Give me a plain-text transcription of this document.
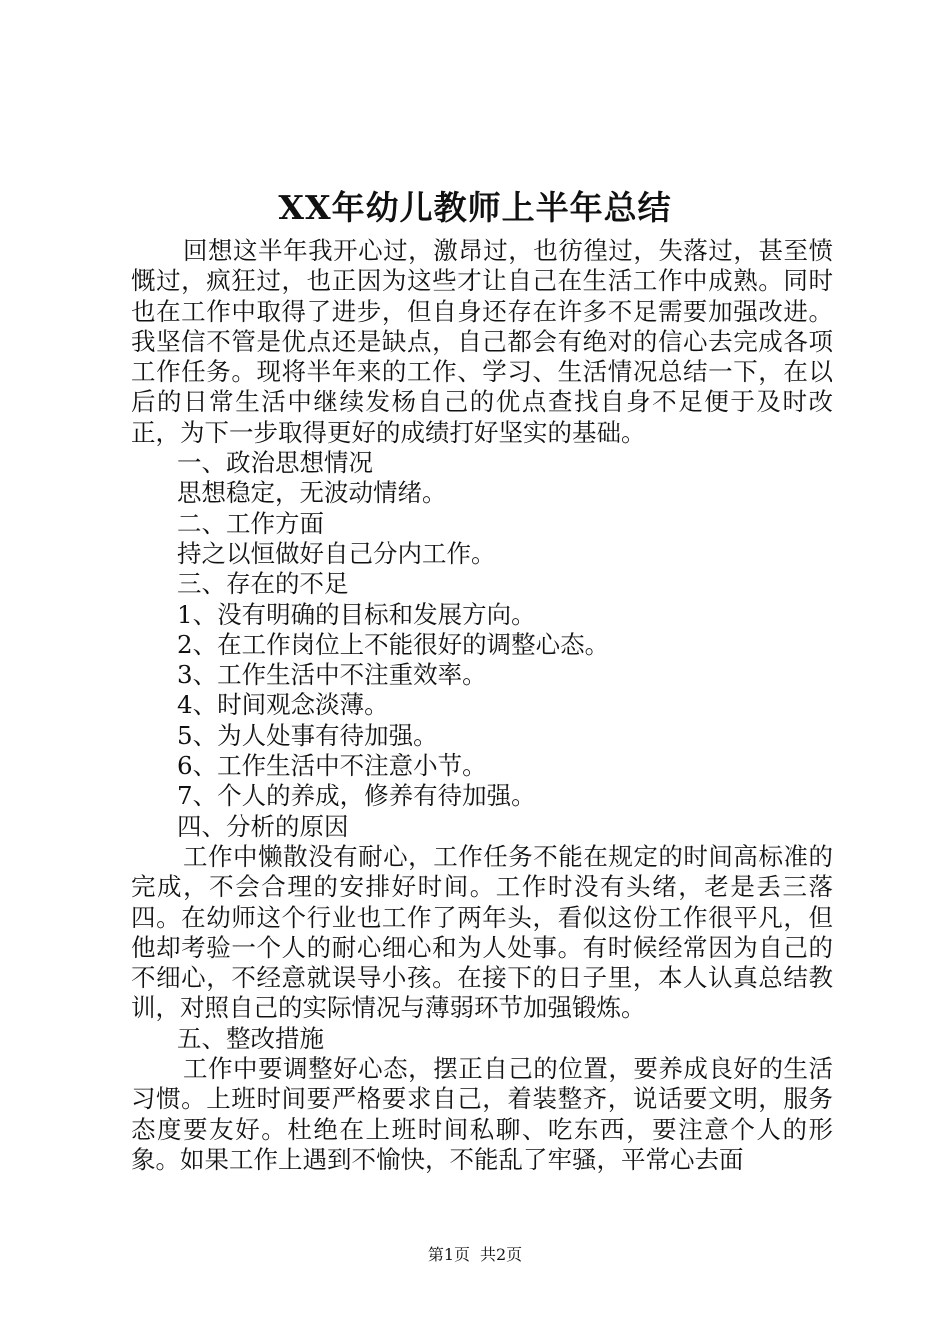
XX年幼儿教师上半年总结

回想这半年我开心过，激昂过，也彷徨过，失落过，甚至愤慨过，疯狂过，也正因为这些才让自己在生活工作中成熟。同时也在工作中取得了进步，但自身还存在许多不足需要加强改进。我坚信不管是优点还是缺点，自己都会有绝对的信心去完成各项工作任务。现将半年来的工作、学习、生活情况总结一下，在以后的日常生活中继续发杨自己的优点查找自身不足便于及时改正，为下一步取得更好的成绩打好坚实的基础。

一、政治思想情况

思想稳定，无波动情绪。

二、工作方面

持之以恒做好自己分内工作。

三、存在的不足

1、没有明确的目标和发展方向。

2、在工作岗位上不能很好的调整心态。

3、工作生活中不注重效率。

4、时间观念淡薄。

5、为人处事有待加强。

6、工作生活中不注意小节。

7、个人的养成，修养有待加强。

四、分析的原因

工作中懒散没有耐心，工作任务不能在规定的时间高标准的完成，不会合理的安排好时间。工作时没有头绪，老是丢三落四。在幼师这个行业也工作了两年头，看似这份工作很平凡，但他却考验一个人的耐心细心和为人处事。有时候经常因为自己的不细心，不经意就误导小孩。在接下的日子里，本人认真总结教训，对照自己的实际情况与薄弱环节加强锻炼。

五、整改措施

工作中要调整好心态，摆正自己的位置，要养成良好的生活习惯。上班时间要严格要求自己，着装整齐，说话要文明，服务态度要友好。杜绝在上班时间私聊、吃东西，要注意个人的形象。如果工作上遇到不愉快，不能乱了牢骚，平常心去面

第1页 共2页
